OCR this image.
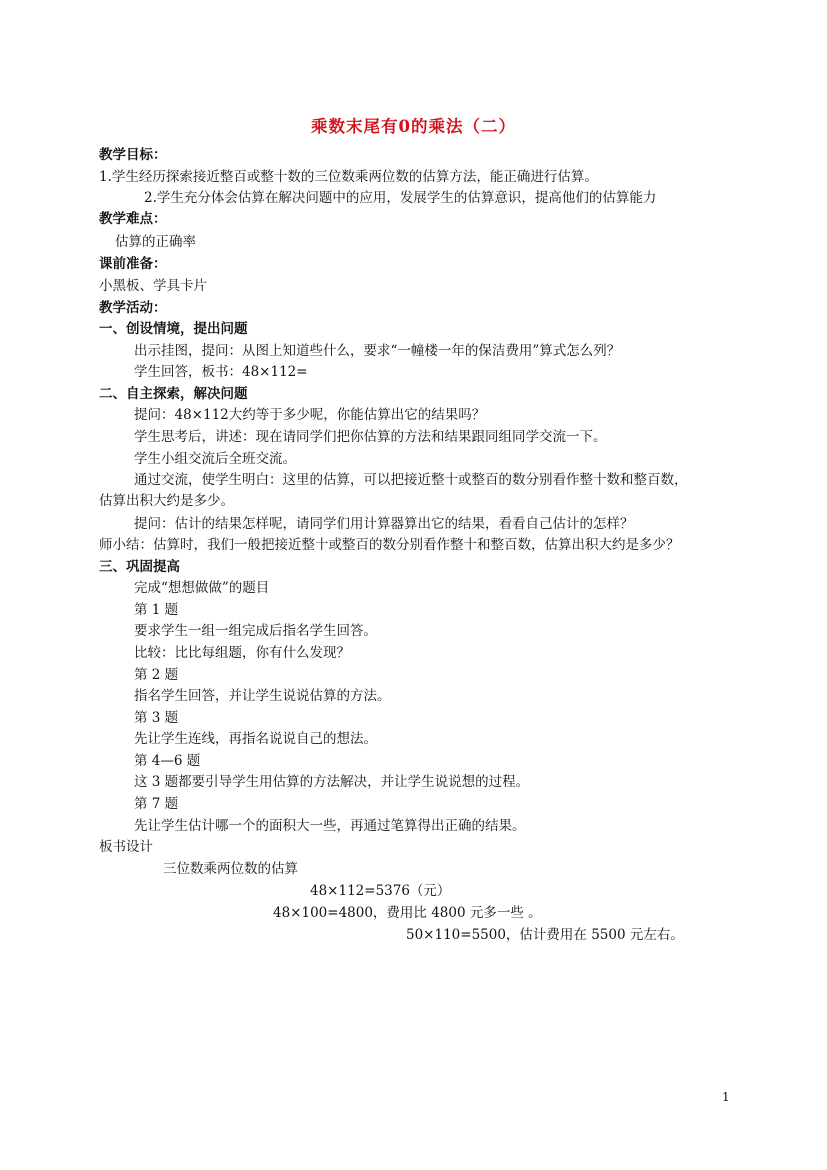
乘数末尾有0的乘法（二）
教学目标：
1.学生经历探索接近整百或整十数的三位数乘两位数的估算方法，能正确进行估算。
2.学生充分体会估算在解决问题中的应用，发展学生的估算意识，提高他们的估算能力
教学难点：
估算的正确率
课前准备：
小黑板、学具卡片
教学活动：
一、创设情境，提出问题
出示挂图，提问：从图上知道些什么，要求“一幢楼一年的保洁费用”算式怎么列？
学生回答，板书：48×112=
二、自主探索，解决问题
提问：48×112大约等于多少呢，你能估算出它的结果吗？
学生思考后，讲述：现在请同学们把你估算的方法和结果跟同组同学交流一下。
学生小组交流后全班交流。
通过交流，使学生明白：这里的估算，可以把接近整十或整百的数分别看作整十数和整百数，
估算出积大约是多少。
提问：估计的结果怎样呢，请同学们用计算器算出它的结果，看看自己估计的怎样？
师小结：估算时，我们一般把接近整十或整百的数分别看作整十和整百数，估算出积大约是多少？
三、巩固提高
完成“想想做做”的题目
第 1 题
要求学生一组一组完成后指名学生回答。
比较：比比每组题，你有什么发现？
第 2 题
指名学生回答，并让学生说说估算的方法。
第 3 题
先让学生连线，再指名说说自己的想法。
第 4—6 题
这 3 题都要引导学生用估算的方法解决，并让学生说说想的过程。
第 7 题
先让学生估计哪一个的面积大一些，再通过笔算得出正确的结果。
板书设计
三位数乘两位数的估算
48×112=5376（元）
48×100=4800，费用比 4800 元多一些 。
50×110=5500，估计费用在 5500 元左右。
1
